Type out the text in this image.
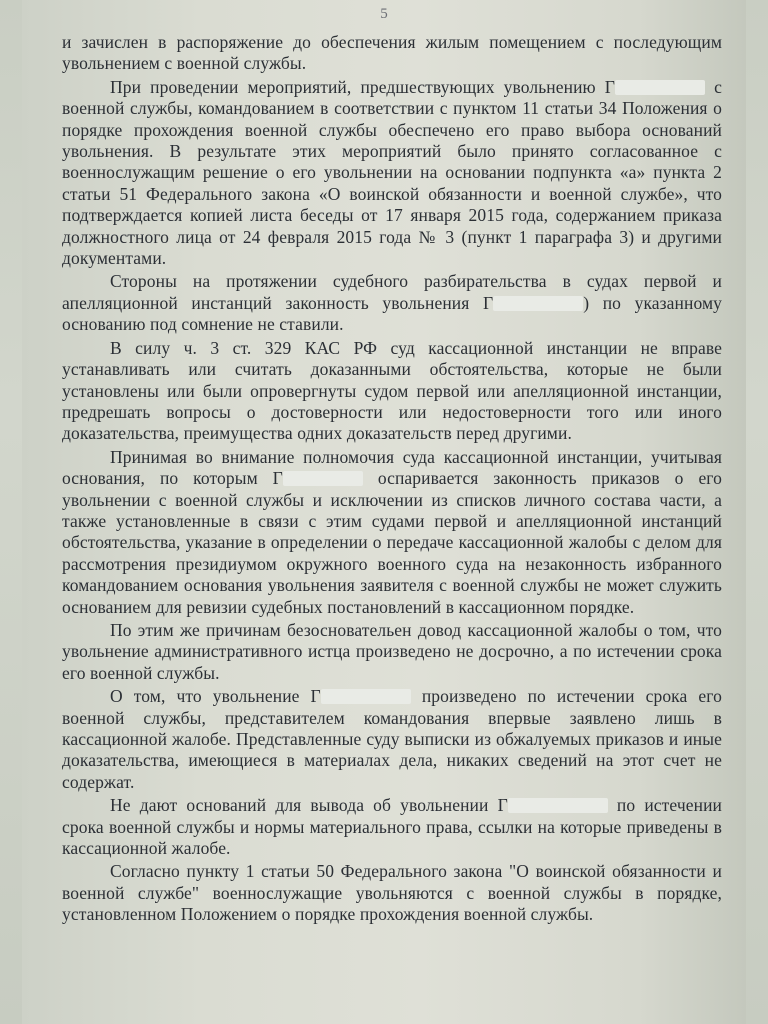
5

и зачислен в распоряжение до обеспечения жилым помещением с последующим увольнением с военной службы.

При проведении мероприятий, предшествующих увольнению Г	с военной службы, командованием в соответствии с пунктом 11 статьи 34 Положения о порядке прохождения военной службы обеспечено его право выбора оснований увольнения. В результате этих мероприятий было принято согласованное с военнослужащим решение о его увольнении на основании подпункта «а» пункта 2 статьи 51 Федерального закона «О воинской обязанности и военной службе», что подтверждается копией листа беседы от 17 января 2015 года, содержанием приказа должностного лица от 24 февраля 2015 года № 3 (пункт 1 параграфа 3) и другими документами.

Стороны на протяжении судебного разбирательства в судах первой и апелляционной инстанций законность увольнения Г	) по указанному основанию под сомнение не ставили.

В силу ч. 3 ст. 329 КАС РФ суд кассационной инстанции не вправе устанавливать или считать доказанными обстоятельства, которые не были установлены или были опровергнуты судом первой или апелляционной инстанции, предрешать вопросы о достоверности или недостоверности того или иного доказательства, преимущества одних доказательств перед другими.

Принимая во внимание полномочия суда кассационной инстанции, учитывая основания, по которым Г	оспаривается законность приказов о его увольнении с военной службы и исключении из списков личного состава части, а также установленные в связи с этим судами первой и апелляционной инстанций обстоятельства, указание в определении о передаче кассационной жалобы с делом для рассмотрения президиумом окружного военного суда на незаконность избранного командованием основания увольнения заявителя с военной службы не может служить основанием для ревизии судебных постановлений в кассационном порядке.

По этим же причинам безосновательен довод кассационной жалобы о том, что увольнение административного истца произведено не досрочно, а по истечении срока его военной службы.

О том, что увольнение Г	произведено по истечении срока его военной службы, представителем командования впервые заявлено лишь в кассационной жалобе. Представленные суду выписки из обжалуемых приказов и иные доказательства, имеющиеся в материалах дела, никаких сведений на этот счет не содержат.

Не дают оснований для вывода об увольнении Г	по истечении срока военной службы и нормы материального права, ссылки на которые приведены в кассационной жалобе.

Согласно пункту 1 статьи 50 Федерального закона "О воинской обязанности и военной службе" военнослужащие увольняются с военной службы в порядке, установленном Положением о порядке прохождения военной службы.
